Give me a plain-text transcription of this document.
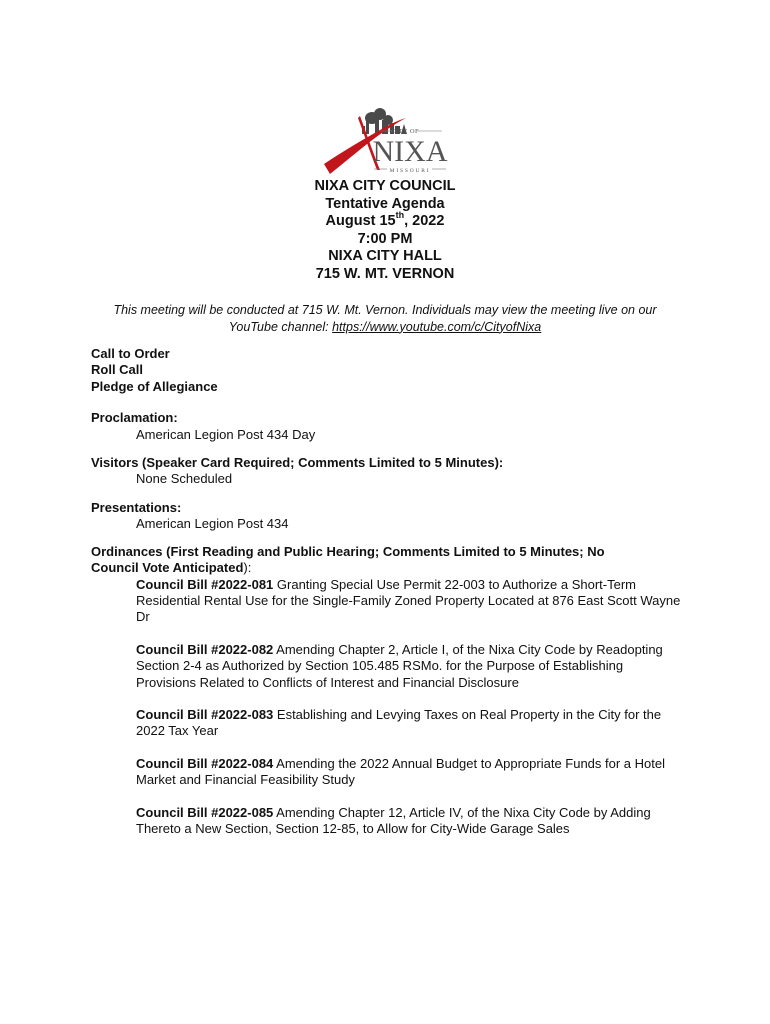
CITY OF
NIXA
MISSOURI
NIXA CITY COUNCIL
Tentative Agenda
August 15th, 2022
7:00 PM
NIXA CITY HALL
715 W. MT. VERNON
This meeting will be conducted at 715 W. Mt. Vernon. Individuals may view the meeting live on our
YouTube channel: https://www.youtube.com/c/CityofNixa
Call to Order
Roll Call
Pledge of Allegiance
Proclamation:
American Legion Post 434 Day
Visitors (Speaker Card Required; Comments Limited to 5 Minutes):
None Scheduled
Presentations:
American Legion Post 434
Ordinances (First Reading and Public Hearing; Comments Limited to 5 Minutes; No
Council Vote Anticipated):
Council Bill #2022-081 Granting Special Use Permit 22-003 to Authorize a Short-Term Residential Rental Use for the Single-Family Zoned Property Located at 876 East Scott Wayne Dr
Council Bill #2022-082 Amending Chapter 2, Article I, of the Nixa City Code by Readopting Section 2-4 as Authorized by Section 105.485 RSMo. for the Purpose of Establishing Provisions Related to Conflicts of Interest and Financial Disclosure
Council Bill #2022-083 Establishing and Levying Taxes on Real Property in the City for the 2022 Tax Year
Council Bill #2022-084 Amending the 2022 Annual Budget to Appropriate Funds for a Hotel Market and Financial Feasibility Study
Council Bill #2022-085 Amending Chapter 12, Article IV, of the Nixa City Code by Adding Thereto a New Section, Section 12-85, to Allow for City-Wide Garage Sales
